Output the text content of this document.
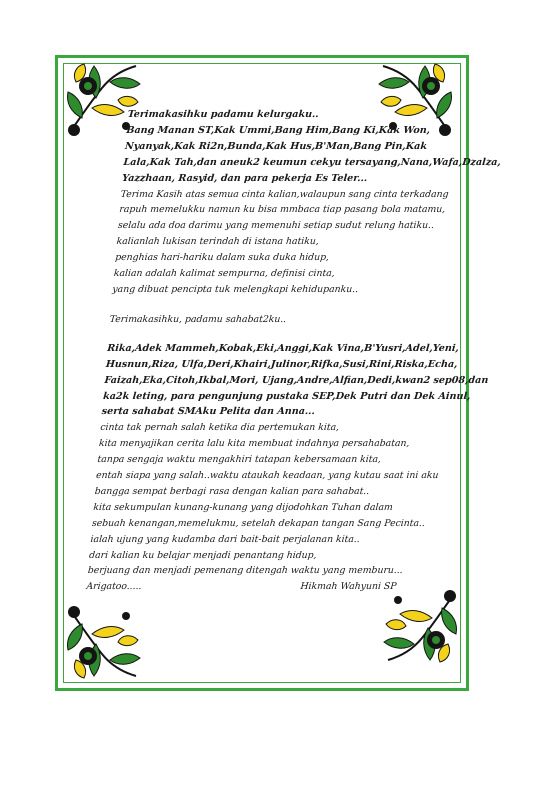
Terimakasihku padamu kelurgaku..

Bang Manan ST,Kak Ummi,Bang Him,Bang Ki,Kak Won,

Nyanyak,Kak Ri2n,Bunda,Kak Hus,B'Man,Bang Pin,Kak

Lala,Kak Tah,dan aneuk2 keumun cekyu tersayang,Nana,Wafa,Dzalza,

Yazzhaan, Rasyid, dan para pekerja Es Teler...

Terima Kasih atas semua cinta kalian,walaupun sang cinta terkadang

rapuh memelukku namun ku bisa mmbaca tiap pasang bola matamu,

selalu ada doa darimu yang memenuhi setiap sudut relung hatiku..

kalianlah lukisan terindah di istana hatiku,

penghias hari-hariku dalam suka duka hidup,

kalian adalah kalimat sempurna, definisi cinta,

yang dibuat pencipta tuk melengkapi kehidupanku..

Terimakasihku, padamu sahabat2ku..

Rika,Adek Mammeh,Kobak,Eki,Anggi,Kak Vina,B'Yusri,Adel,Yeni,

Husnun,Riza, Ulfa,Deri,Khairi,Julinor,Rifka,Susi,Rini,Riska,Echa,

Faizah,Eka,Citoh,Ikbal,Mori, Ujang,Andre,Alfian,Dedi,kwan2 sep08,dan

ka2k leting, para pengunjung pustaka SEP,Dek Putri dan Dek Ainul,

serta sahabat SMAku Pelita dan Anna...

cinta tak pernah salah ketika dia pertemukan kita,

kita menyajikan cerita lalu kita membuat indahnya persahabatan,

tanpa sengaja waktu mengakhiri tatapan kebersamaan kita,

entah siapa yang salah..waktu ataukah keadaan, yang kutau saat ini aku

bangga sempat berbagi rasa dengan kalian para sahabat..

kita sekumpulan kunang-kunang yang dijodohkan Tuhan dalam

sebuah kenangan,memelukmu, setelah dekapan tangan Sang Pecinta..

ialah ujung yang kudamba dari bait-bait perjalanan kita..

dari kalian ku belajar menjadi penantang hidup,

berjuang dan menjadi pemenang ditengah waktu yang memburu...

Arigatoo.....	Hikmah Wahyuni SP
